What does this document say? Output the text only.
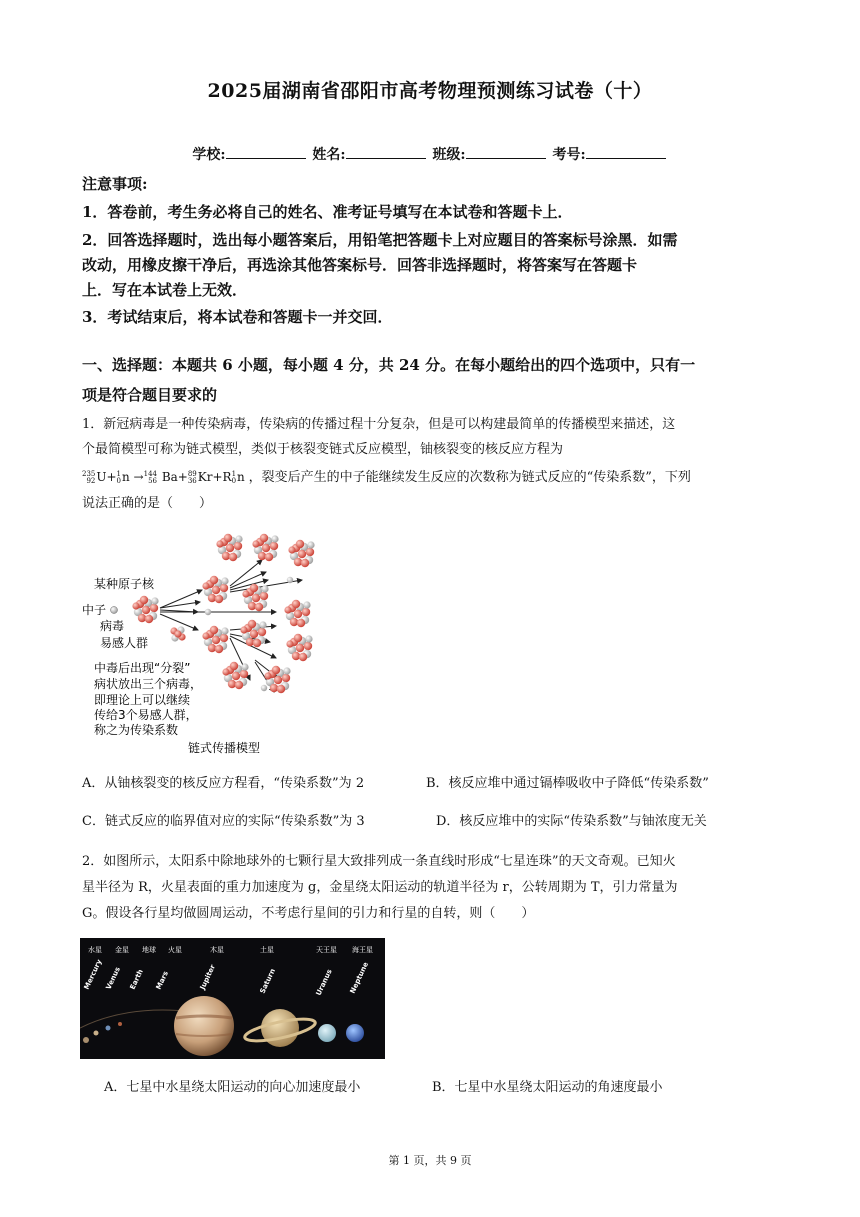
2025届湖南省邵阳市高考物理预测练习试卷（十）
学校:	姓名:	班级:	考号:
注意事项:
1．答卷前，考生务必将自己的姓名、准考证号填写在本试卷和答题卡上．
2．回答选择题时，选出每小题答案后，用铅笔把答题卡上对应题目的答案标号涂黑．如需
改动，用橡皮擦干净后，再选涂其他答案标号．回答非选择题时，将答案写在答题卡
上．写在本试卷上无效．
3．考试结束后，将本试卷和答题卡一并交回．
一、选择题：本题共 6 小题，每小题 4 分，共 24 分。在每小题给出的四个选项中，只有一
项是符合题目要求的
1．新冠病毒是一种传染病毒，传染病的传播过程十分复杂，但是可以构建最简单的传播模型来描述，这
个最简模型可称为链式模型，类似于核裂变链式反应模型，铀核裂变的核反应方程为
235
92 U+ 1
0 n → 144
56 Ba+ 89
36 Kr+R 1
0 n ，裂变后产生的中子能继续发生反应的次数称为链式反应的“传染系数”，下列
说法正确的是（　　）
某种原子核
中子
病毒
易感人群
中毒后出现“分裂”
病状放出三个病毒，
即理论上可以继续
传给3个易感人群，
称之为传染系数
链式传播模型
A．从铀核裂变的核反应方程看，“传染系数”为 2	B．核反应堆中通过镉棒吸收中子降低“传染系数”
C．链式反应的临界值对应的实际“传染系数”为 3	D．核反应堆中的实际“传染系数”与铀浓度无关
2．如图所示，太阳系中除地球外的七颗行星大致排列成一条直线时形成“七星连珠”的天文奇观。已知火
星半径为 R，火星表面的重力加速度为 g，金星绕太阳运动的轨道半径为 r，公转周期为 T，引力常量为
G。假设各行星均做圆周运动，不考虑行星间的引力和行星的自转，则（　　）
水星 金星 地球 火星	木星	土星	天王星 海王星
Mercury Venus Earth Mars	Jupiter	Saturn	Uranus Neptune
A．七星中水星绕太阳运动的向心加速度最小	B．七星中水星绕太阳运动的角速度最小
第 1 页，共 9 页
